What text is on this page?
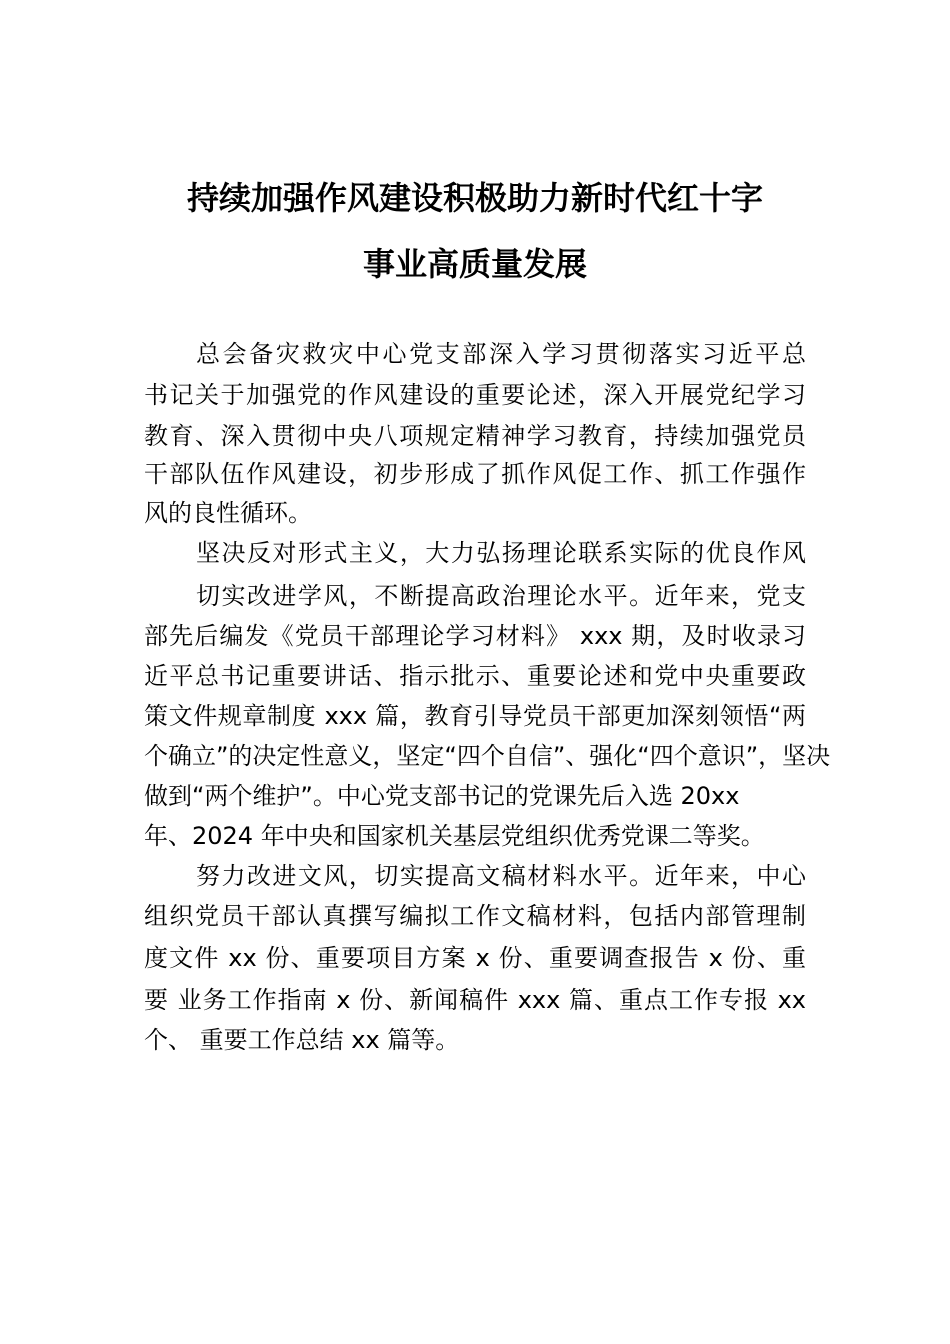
持续加强作风建设积极助力新时代红十字
事业高质量发展
总会备灾救灾中心党支部深入学习贯彻落实习近平总
书记关于加强党的作风建设的重要论述，深入开展党纪学习
教育、深入贯彻中央八项规定精神学习教育，持续加强党员
干部队伍作风建设，初步形成了抓作风促工作、抓工作强作
风的良性循环。
坚决反对形式主义，大力弘扬理论联系实际的优良作风
切实改进学风，不断提高政治理论水平。近年来，党支
部先后编发《党员干部理论学习材料》 xxx 期，及时收录习
近平总书记重要讲话、指示批示、重要论述和党中央重要政
策文件规章制度 xxx 篇，教育引导党员干部更加深刻领悟“两
个确立”的决定性意义，坚定“四个自信”、强化“四个意识”，坚决
做到“两个维护”。中心党支部书记的党课先后入选 20xx
年、2024 年中央和国家机关基层党组织优秀党课二等奖。
努力改进文风，切实提高文稿材料水平。近年来，中心
组织党员干部认真撰写编拟工作文稿材料，包括内部管理制
度文件 xx 份、重要项目方案 x 份、重要调查报告 x 份、重
要 业务工作指南 x 份、新闻稿件 xxx 篇、重点工作专报 xx
个、 重要工作总结 xx 篇等。
